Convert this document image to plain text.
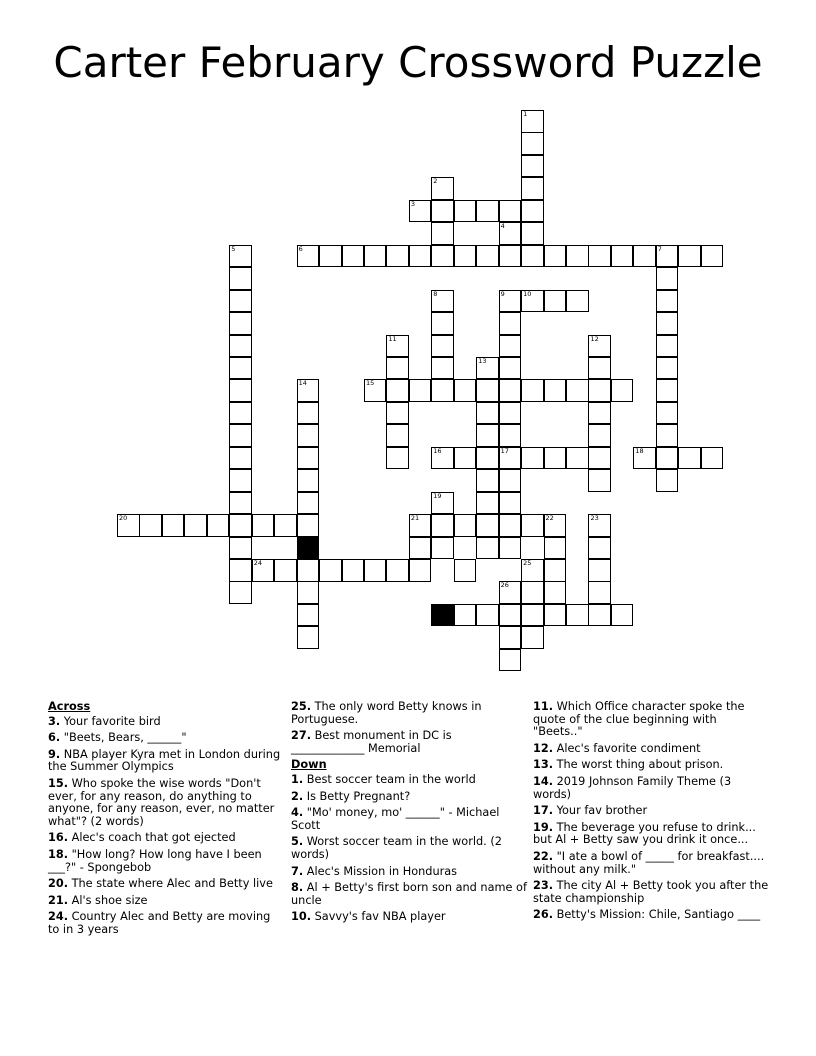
Carter February Crossword Puzzle
1
2
3
4
5	6	7
8	9
17
10
11	12
13
14	15
16	18
19
20	21	22	23
24	25
26
27
Across
3. Your favorite bird
6. "Beets, Bears, ______"
9. NBA player Kyra met in London during the Summer Olympics
15. Who spoke the wise words "Don't ever, for any reason, do anything to anyone, for any reason, ever, no matter what"? (2 words)
16. Alec's coach that got ejected
18. "How long? How long have I been ___?" - Spongebob
20. The state where Alec and Betty live
21. Al's shoe size
24. Country Alec and Betty are moving to in 3 years
25. The only word Betty knows in Portuguese.
27. Best monument in DC is _____________ Memorial
Down
1. Best soccer team in the world
2. Is Betty Pregnant?
4. "Mo' money, mo' ______" - Michael Scott
5. Worst soccer team in the world. (2 words)
7. Alec's Mission in Honduras
8. Al + Betty's first born son and name of uncle
10. Savvy's fav NBA player
11. Which Office character spoke the quote of the clue beginning with "Beets.."
12. Alec's favorite condiment
13. The worst thing about prison.
14. 2019 Johnson Family Theme (3 words)
17. Your fav brother
19. The beverage you refuse to drink... but Al + Betty saw you drink it once...
22. "I ate a bowl of _____ for breakfast.... without any milk."
23. The city Al + Betty took you after the state championship
26. Betty's Mission: Chile, Santiago ____
